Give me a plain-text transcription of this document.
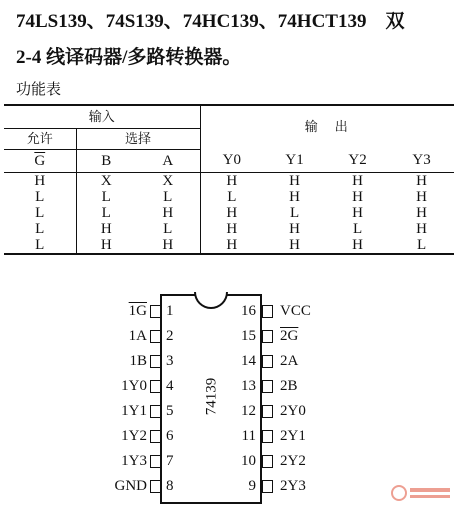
74LS139、74S139、74HC139、74HCT139　双
2-4 线译码器/多路转换器。
功能表
输入			输　出			
允许	选择					
$\overline{G}$	B	A	Y0	Y1	Y2	Y3
H	X	X	H	H	H	H
L	L	L	L	H	H	H
L	L	H	H	L	H	H
L	H	L	H	H	L	H
L	H	H	H	H	H	L
74139
1G 1
1A 2
1B 3
1Y0 4
1Y1 5
1Y2 6
1Y3 7
GND 8
16 VCC
15 2G
14 2A
13 2B
12 2Y0
11 2Y1
10 2Y2
9 2Y3
